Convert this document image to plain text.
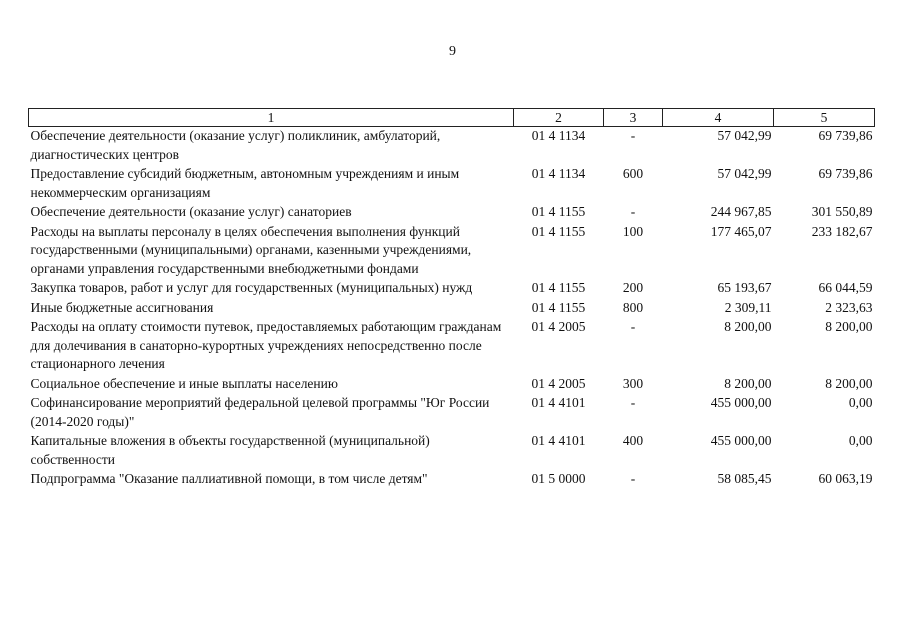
9
1	2	3	4	5
Обеспечение деятельности (оказание услуг) поликлиник, амбулаторий, диагностических центров	01 4 1134	-	57 042,99	69 739,86
Предоставление субсидий бюджетным, автономным учреждениям и иным некоммерческим организациям	01 4 1134	600	57 042,99	69 739,86
Обеспечение деятельности (оказание услуг) санаториев	01 4 1155	-	244 967,85	301 550,89
Расходы на выплаты персоналу в целях обеспечения выполнения функций государственными (муниципальными) органами, казенными учреждениями, органами управления государственными внебюджетными фондами	01 4 1155	100	177 465,07	233 182,67
Закупка товаров, работ и услуг для государственных (муниципальных) нужд	01 4 1155	200	65 193,67	66 044,59
Иные бюджетные ассигнования	01 4 1155	800	2 309,11	2 323,63
Расходы на оплату стоимости путевок, предоставляемых работающим гражданам для долечивания в санаторно-курортных учреждениях непосредственно после стационарного лечения	01 4 2005	-	8 200,00	8 200,00
Социальное обеспечение и иные выплаты населению	01 4 2005	300	8 200,00	8 200,00
Софинансирование мероприятий федеральной целевой программы "Юг России (2014-2020 годы)"	01 4 4101	-	455 000,00	0,00
Капитальные вложения в объекты государственной (муниципальной) собственности	01 4 4101	400	455 000,00	0,00
Подпрограмма "Оказание паллиативной помощи, в том числе детям"	01 5 0000	-	58 085,45	60 063,19
